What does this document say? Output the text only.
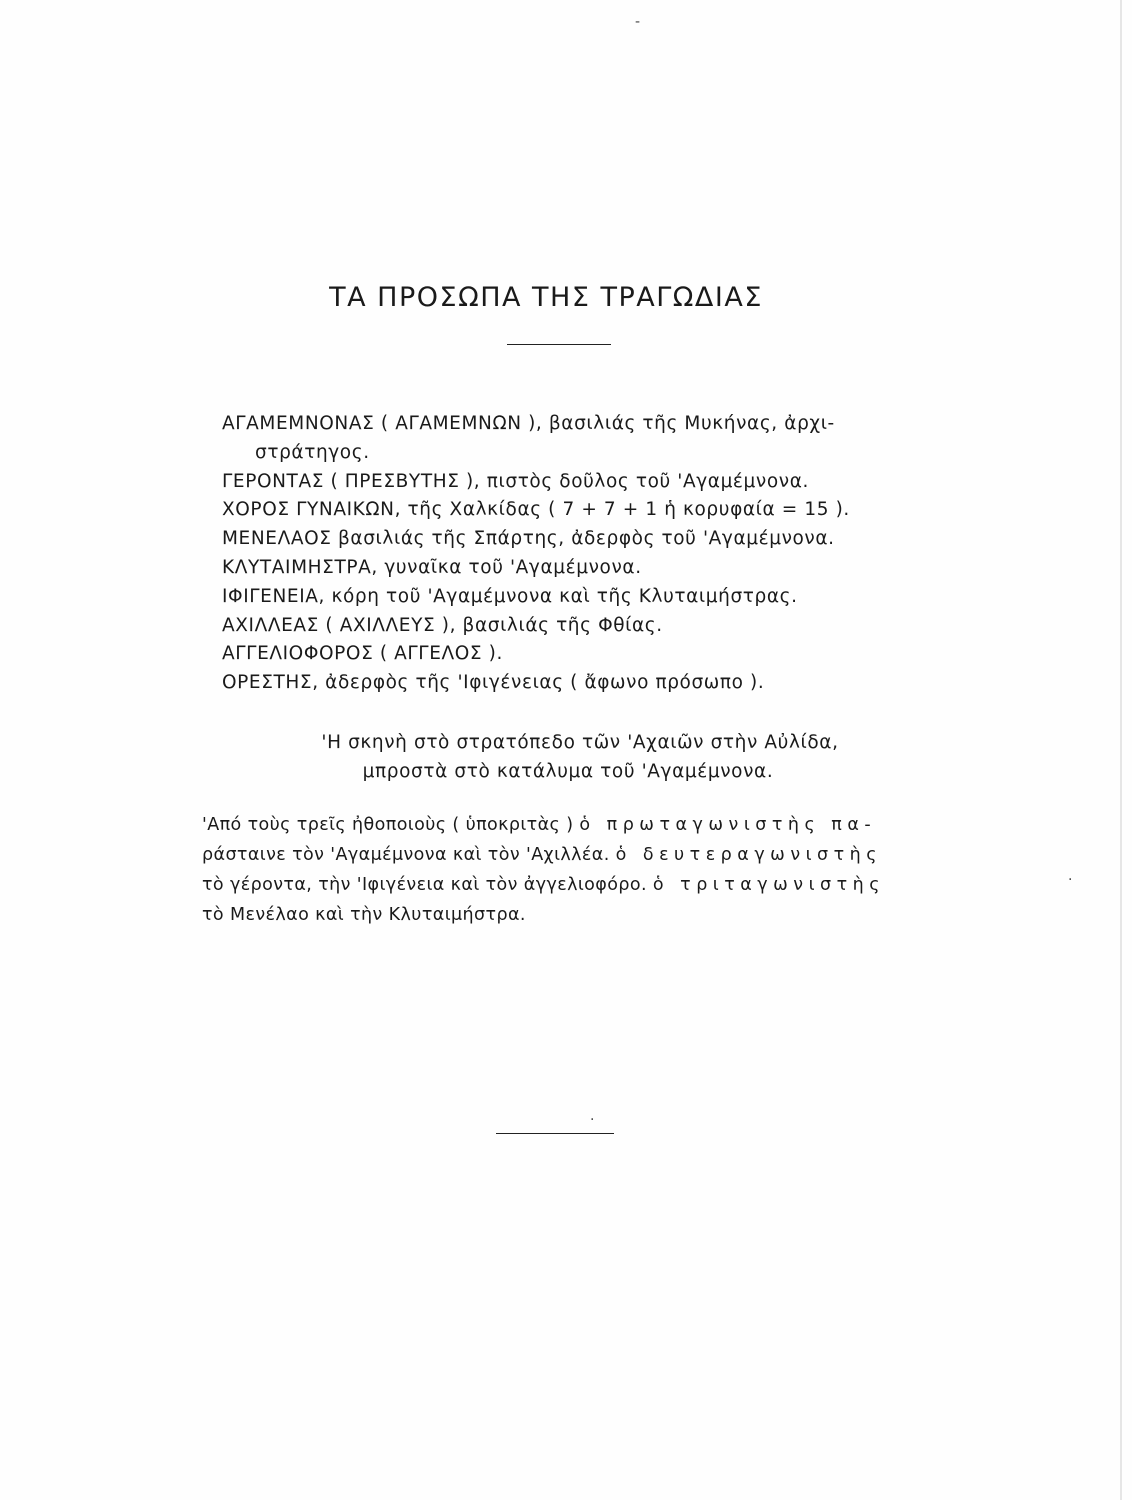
ΤΑ ΠΡΟΣΩΠΑ ΤΗΣ ΤΡΑΓΩΔΙΑΣ
ΑΓΑΜΕΜΝΟΝΑΣ ( ΑΓΑΜΕΜΝΩΝ ), βασιλιάς τῆς Μυκήνας, ἀρχι-
στράτηγος.
ΓΕΡΟΝΤΑΣ ( ΠΡΕΣΒΥΤΗΣ ), πιστὸς δοῦλος τοῦ 'Αγαμέμνονα.
ΧΟΡΟΣ ΓΥΝΑΙΚΩΝ, τῆς Χαλκίδας ( 7 + 7 + 1 ἡ κορυφαία = 15 ).
ΜΕΝΕΛΑΟΣ βασιλιάς τῆς Σπάρτης, ἀδερφὸς τοῦ 'Αγαμέμνονα.
ΚΛΥΤΑΙΜΗΣΤΡΑ, γυναῖκα τοῦ 'Αγαμέμνονα.
ΙΦΙΓΕΝΕΙΑ, κόρη τοῦ 'Αγαμέμνονα καὶ τῆς Κλυταιμήστρας.
ΑΧΙΛΛΕΑΣ ( ΑΧΙΛΛΕΥΣ ), βασιλιάς τῆς Φθίας.
ΑΓΓΕΛΙΟΦΟΡΟΣ ( ΑΓΓΕΛΟΣ ).
ΟΡΕΣΤΗΣ, ἀδερφὸς τῆς 'Ιφιγένειας ( ἄφωνο πρόσωπο ).
'Η σκηνὴ στὸ στρατόπεδο τῶν 'Αχαιῶν στὴν Αὐλίδα,
μπροστὰ στὸ κατάλυμα τοῦ 'Αγαμέμνονα.
'Από τοὺς τρεῖς ἠθοποιοὺς ( ὑποκριτὰς ) ὁ πρωταγωνιστὴς πα-
ράσταινε τὸν 'Αγαμέμνονα καὶ τὸν 'Αχιλλέα. ὁ δευτεραγωνιστὴς
τὸ γέροντα, τὴν 'Ιφιγένεια καὶ τὸν ἀγγελιοφόρο. ὁ τριταγωνιστὴς
τὸ Μενέλαο καὶ τὴν Κλυταιμήστρα.
-
·
·
